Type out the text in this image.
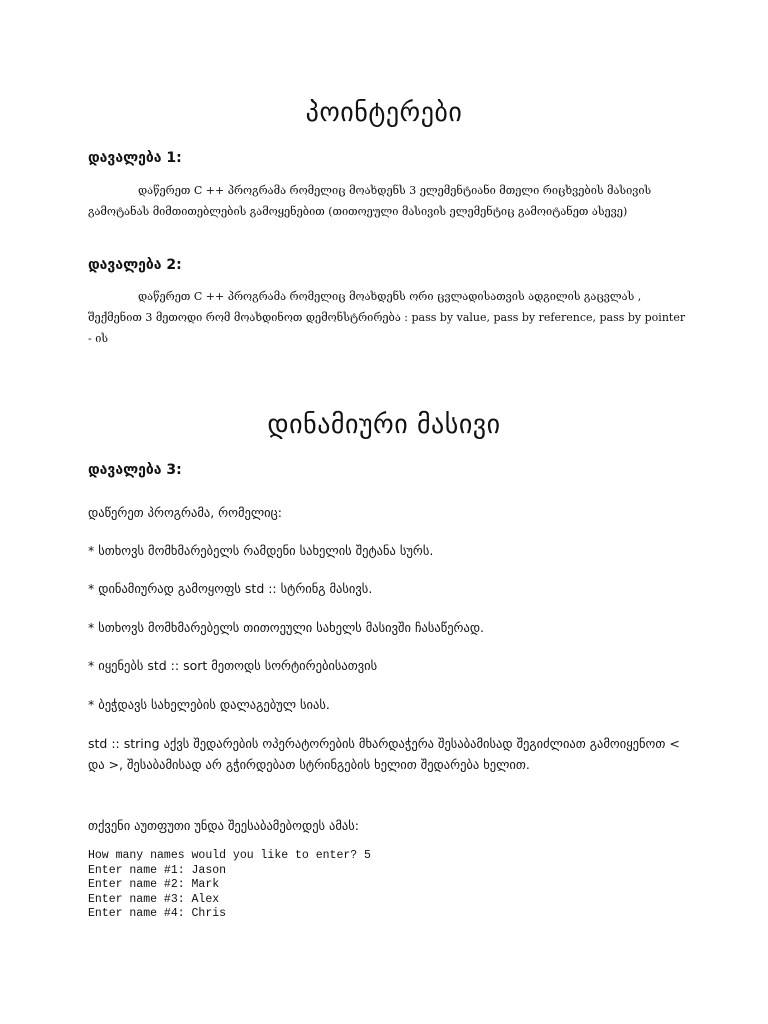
პოინტერები
დავალება 1:
დაწერეთ C ++ პროგრამა რომელიც მოახდენს 3 ელემენტიანი მთელი რიცხვების მასივის გამოტანას მიმთითებლების გამოყენებით (თითოეული მასივის ელემენტიც გამოიტანეთ ასევე)
დავალება 2:
დაწერეთ C ++ პროგრამა რომელიც მოახდენს ორი ცვლადისათვის ადგილის გაცვლას , შექმენით 3 მეთოდი რომ მოახდინოთ დემონსტრირება : pass by value, pass by reference, pass by pointer - ის
დინამიური მასივი
დავალება 3:
დაწერეთ პროგრამა, რომელიც:
* სთხოვს მომხმარებელს რამდენი სახელის შეტანა სურს.
* დინამიურად გამოყოფს std :: სტრინგ მასივს.
* სთხოვს მომხმარებელს თითოეული სახელს მასივში ჩასაწერად.
* იყენებს std :: sort მეთოდს სორტირებისათვის
* ბეჭდავს სახელების დალაგებულ სიას.
std :: string აქვს შედარების ოპერატორების მხარდაჭერა შესაბამისად შეგიძლიათ გამოიყენოთ < და >, შესაბამისად არ გჭირდებათ სტრინგების ხელით შედარება ხელით.
თქვენი აუთფუთი უნდა შეესაბამებოდეს ამას:
How many names would you like to enter? 5
Enter name #1: Jason
Enter name #2: Mark
Enter name #3: Alex
Enter name #4: Chris
